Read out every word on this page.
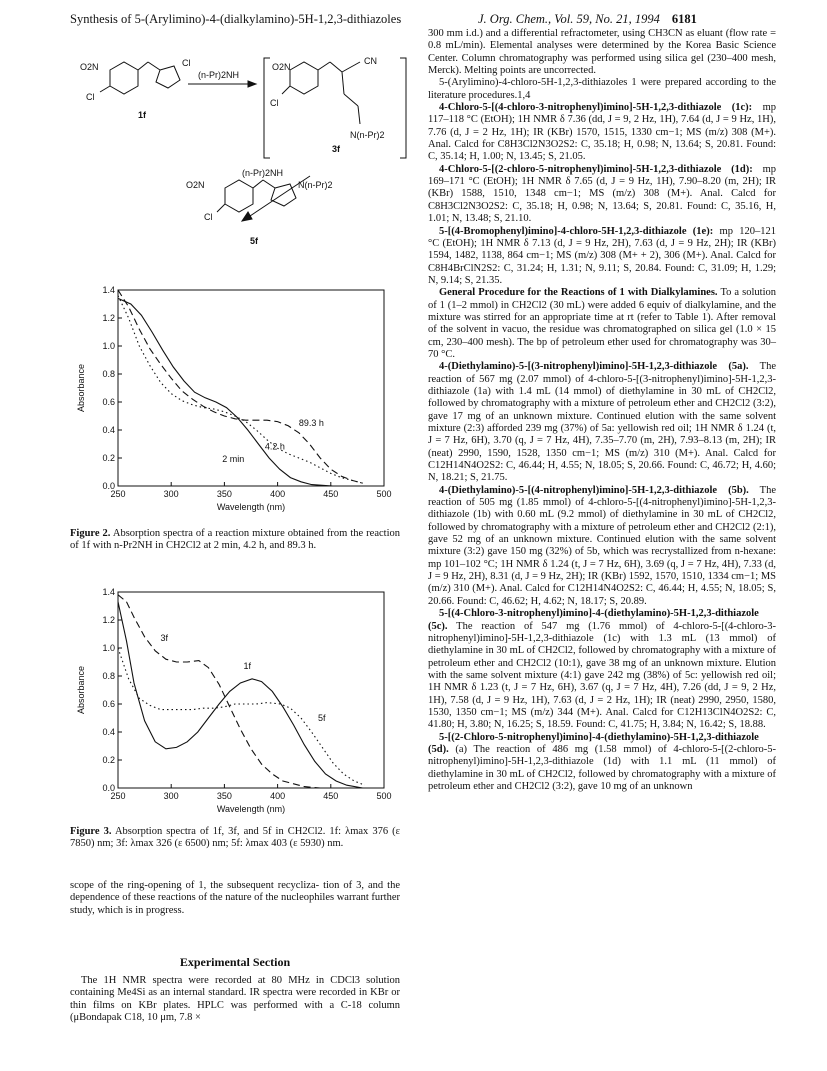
Synthesis of 5-(Arylimino)-4-(dialkylamino)-5H-1,2,3-dithiazoles	J. Org. Chem., Vol. 59, No. 21, 1994 6181
O2N
Cl
Cl
(n-Pr)2NH
1f
O2N
Cl
CN
N(n-Pr)2
3f
(n-Pr)2NH
O2N
Cl
N(n-Pr)2
5f
250	300	350	400	450	500
0.0
0.2
0.4
0.6
0.8
1.0
1.2
1.4
Wavelength (nm)
Absorbance
89.3 h
4.2 h
2 min
Figure 2. Absorption spectra of a reaction mixture obtained from the reaction of 1f with n-Pr2NH in CH2Cl2 at 2 min, 4.2 h, and 89.3 h.
250	300	350	400	450	500
0.0
0.2
0.4
0.6
0.8
1.0
1.2
1.4
Wavelength (nm)
Absorbance
3f
1f
5f
Figure 3. Absorption spectra of 1f, 3f, and 5f in CH2Cl2. 1f: λmax 376 (ε 7850) nm; 3f: λmax 326 (ε 6500) nm; 5f: λmax 403 (ε 5930) nm.

scope of the ring-opening of 1, the subsequent recycliza- tion of 3, and the dependence of these reactions of the nature of the nucleophiles warrant further study, which is in progress.

Experimental Section

The 1H NMR spectra were recorded at 80 MHz in CDCl3 solution containing Me4Si as an internal standard. IR spectra were recorded in KBr or thin films on KBr plates. HPLC was performed with a C-18 column (μBondapak C18, 10 μm, 7.8 ×

300 mm i.d.) and a differential refractometer, using CH3CN as eluant (flow rate = 0.8 mL/min). Elemental analyses were determined by the Korea Basic Science Center. Column chromatography was performed using silica gel (230–400 mesh, Merck). Melting points are uncorrected.

5-(Arylimino)-4-chloro-5H-1,2,3-dithiazoles 1 were prepared according to the literature procedures.1,4

4-Chloro-5-[(4-chloro-3-nitrophenyl)imino]-5H-1,2,3-dithiazole (1c): mp 117–118 °C (EtOH); 1H NMR δ 7.36 (dd, J = 9, 2 Hz, 1H), 7.64 (d, J = 9 Hz, 1H), 7.76 (d, J = 2 Hz, 1H); IR (KBr) 1570, 1515, 1330 cm−1; MS (m/z) 308 (M+). Anal. Calcd for C8H3Cl2N3O2S2: C, 35.18; H, 0.98; N, 13.64; S, 20.81. Found: C, 35.14; H, 1.00; N, 13.45; S, 21.05.

4-Chloro-5-[(2-chloro-5-nitrophenyl)imino]-5H-1,2,3-dithiazole (1d): mp 169–171 °C (EtOH); 1H NMR δ 7.65 (d, J = 9 Hz, 1H), 7.90–8.20 (m, 2H); IR (KBr) 1588, 1510, 1348 cm−1; MS (m/z) 308 (M+). Anal. Calcd for C8H3Cl2N3O2S2: C, 35.18; H, 0.98; N, 13.64; S, 20.81. Found: C, 35.16, H, 1.01; N, 13.48; S, 21.10.

5-[(4-Bromophenyl)imino]-4-chloro-5H-1,2,3-dithiazole (1e): mp 120–121 °C (EtOH); 1H NMR δ 7.13 (d, J = 9 Hz, 2H), 7.63 (d, J = 9 Hz, 2H); IR (KBr) 1594, 1482, 1138, 864 cm−1; MS (m/z) 308 (M+ + 2), 306 (M+). Anal. Calcd for C8H4BrClN2S2: C, 31.24; H, 1.31; N, 9.11; S, 20.84. Found: C, 31.09; H, 1.29; N, 9.14; S, 21.35.

General Procedure for the Reactions of 1 with Dialkylamines. To a solution of 1 (1–2 mmol) in CH2Cl2 (30 mL) were added 6 equiv of dialkylamine, and the mixture was stirred for an appropriate time at rt (refer to Table 1). After removal of the solvent in vacuo, the residue was chromatographed on silica gel (1.0 × 15 cm, 230–400 mesh). The bp of petroleum ether used for chromatography was 30–70 °C.

4-(Diethylamino)-5-[(3-nitrophenyl)imino]-5H-1,2,3-dithiazole (5a). The reaction of 567 mg (2.07 mmol) of 4-chloro-5-[(3-nitrophenyl)imino]-5H-1,2,3-dithiazole (1a) with 1.4 mL (14 mmol) of diethylamine in 30 mL of CH2Cl2, followed by chromatography with a mixture of petroleum ether and CH2Cl2 (3:2), gave 17 mg of an unknown mixture. Continued elution with the same solvent mixture (2:3) afforded 239 mg (37%) of 5a: yellowish red oil; 1H NMR δ 1.24 (t, J = 7 Hz, 6H), 3.70 (q, J = 7 Hz, 4H), 7.35–7.70 (m, 2H), 7.93–8.13 (m, 2H); IR (neat) 2990, 1590, 1528, 1350 cm−1; MS (m/z) 310 (M+). Anal. Calcd for C12H14N4O2S2: C, 46.44; H, 4.55; N, 18.05; S, 20.66. Found: C, 46.72; H, 4.60; N, 18.21; S, 21.75.

4-(Diethylamino)-5-[(4-nitrophenyl)imino]-5H-1,2,3-dithiazole (5b). The reaction of 505 mg (1.85 mmol) of 4-chloro-5-[(4-nitrophenyl)imino]-5H-1,2,3-dithiazole (1b) with 0.60 mL (9.2 mmol) of diethylamine in 30 mL of CH2Cl2, followed by chromatography with a mixture of petroleum ether and CH2Cl2 (2:1), gave 52 mg of an unknown mixture. Continued elution with the same solvent mixture (3:2) gave 150 mg (32%) of 5b, which was recrystallized from n-hexane: mp 101–102 °C; 1H NMR δ 1.24 (t, J = 7 Hz, 6H), 3.69 (q, J = 7 Hz, 4H), 7.33 (d, J = 9 Hz, 2H), 8.31 (d, J = 9 Hz, 2H); IR (KBr) 1592, 1570, 1510, 1334 cm−1; MS (m/z) 310 (M+). Anal. Calcd for C12H14N4O2S2: C, 46.44; H, 4.55; N, 18.05; S, 20.66. Found: C, 46.62; H, 4.62; N, 18.17; S, 20.89.

5-[(4-Chloro-3-nitrophenyl)imino]-4-(diethylamino)-5H-1,2,3-dithiazole (5c). The reaction of 547 mg (1.76 mmol) of 4-chloro-5-[(4-chloro-3-nitrophenyl)imino]-5H-1,2,3-dithiazole (1c) with 1.3 mL (13 mmol) of diethylamine in 30 mL of CH2Cl2, followed by chromatography with a mixture of petroleum ether and CH2Cl2 (10:1), gave 38 mg of an unknown mixture. Elution with the same solvent mixture (4:1) gave 242 mg (38%) of 5c: yellowish red oil; 1H NMR δ 1.23 (t, J = 7 Hz, 6H), 3.67 (q, J = 7 Hz, 4H), 7.26 (dd, J = 9, 2 Hz, 1H), 7.58 (d, J = 9 Hz, 1H), 7.63 (d, J = 2 Hz, 1H); IR (neat) 2990, 2950, 1580, 1530, 1350 cm−1; MS (m/z) 344 (M+). Anal. Calcd for C12H13ClN4O2S2: C, 41.80; H, 3.80; N, 16.25; S, 18.59. Found: C, 41.75; H, 3.84; N, 16.42; S, 18.88.

5-[(2-Chloro-5-nitrophenyl)imino]-4-(diethylamino)-5H-1,2,3-dithiazole (5d). (a) The reaction of 486 mg (1.58 mmol) of 4-chloro-5-[(2-chloro-5-nitrophenyl)imino]-5H-1,2,3-dithiazole (1d) with 1.1 mL (11 mmol) of diethylamine in 30 mL of CH2Cl2, followed by chromatography with a mixture of petroleum ether and CH2Cl2 (3:2), gave 10 mg of an unknown
